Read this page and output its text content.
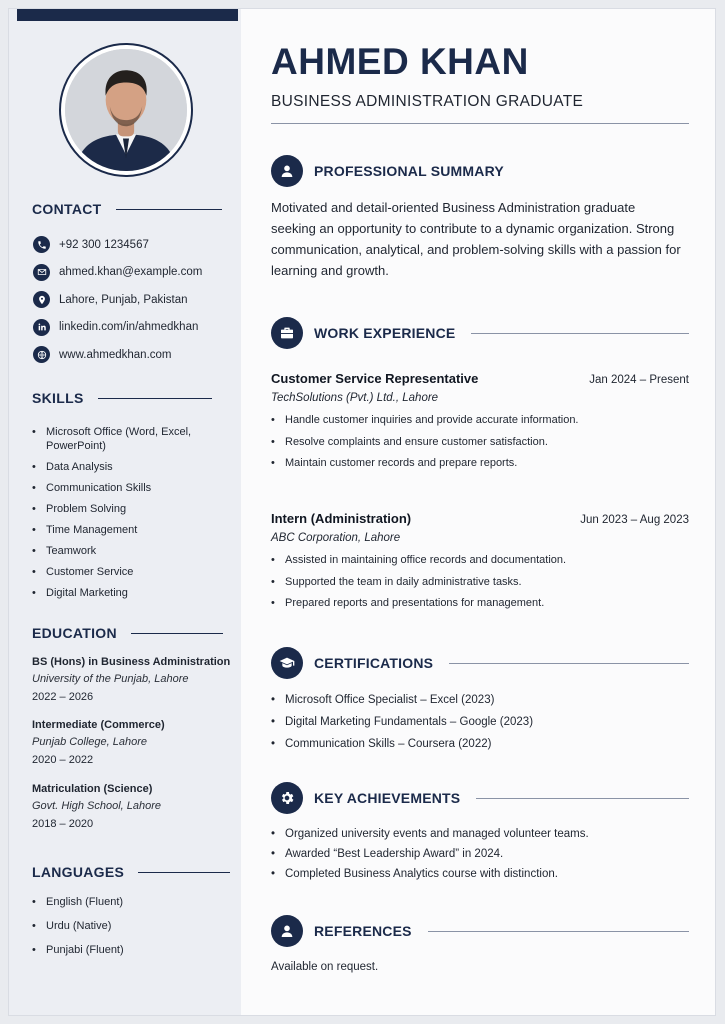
CONTACT
+92 300 1234567
ahmed.khan@example.com
Lahore, Punjab, Pakistan
linkedin.com/in/ahmedkhan
www.ahmedkhan.com
SKILLS
• Microsoft Office (Word, Excel, PowerPoint)
• Data Analysis
• Communication Skills
• Problem Solving
• Time Management
• Teamwork
• Customer Service
• Digital Marketing
EDUCATION
BS (Hons) in Business Administration
University of the Punjab, Lahore
2022 – 2026
Intermediate (Commerce)
Punjab College, Lahore
2020 – 2022
Matriculation (Science)
Govt. High School, Lahore
2018 – 2020
LANGUAGES
• English (Fluent)
• Urdu (Native)
• Punjabi (Fluent)
AHMED KHAN
BUSINESS ADMINISTRATION GRADUATE
PROFESSIONAL SUMMARY
Motivated and detail-oriented Business Administration graduate seeking an opportunity to contribute to a dynamic organization. Strong communication, analytical, and problem-solving skills with a passion for learning and growth.
WORK EXPERIENCE
Customer Service Representative	Jan 2024 – Present
TechSolutions (Pvt.) Ltd., Lahore
• Handle customer inquiries and provide accurate information.
• Resolve complaints and ensure customer satisfaction.
• Maintain customer records and prepare reports.
Intern (Administration)	Jun 2023 – Aug 2023
ABC Corporation, Lahore
• Assisted in maintaining office records and documentation.
• Supported the team in daily administrative tasks.
• Prepared reports and presentations for management.
CERTIFICATIONS
• Microsoft Office Specialist – Excel (2023)
• Digital Marketing Fundamentals – Google (2023)
• Communication Skills – Coursera (2022)
KEY ACHIEVEMENTS
• Organized university events and managed volunteer teams.
• Awarded “Best Leadership Award” in 2024.
• Completed Business Analytics course with distinction.
REFERENCES
Available on request.
